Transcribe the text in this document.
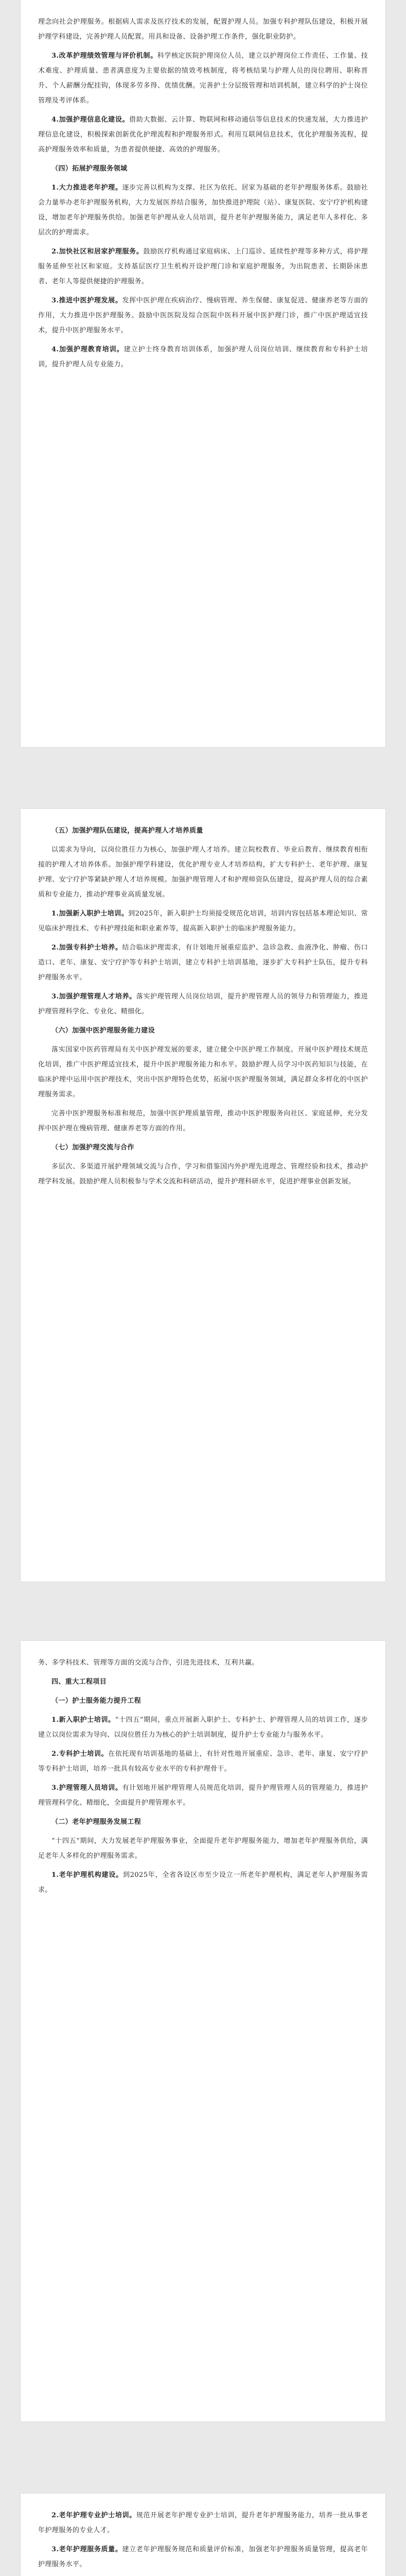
理念向社会护理服务。根据病人需求及医疗技术的发展，配置护理人员。加强专科护理队伍建设，积极开展护理学科建设，完善护理人员配置。用具和设备、设备护理工作条件，强化职业防护。

3.改革护理绩效管理与评价机制。科学核定医院护理岗位人员，建立以护理岗位工作责任、工作量、技术难度、护理质量、患者满意度为主要依据的绩效考核制度，将考核结果与护理人员的岗位聘用、职称晋升、个人薪酬分配挂钩，体现多劳多得、优绩优酬。完善护士分层级管理和培训机制，建立科学的护士岗位管理及考评体系。

4.加强护理信息化建设。借助大数据、云计算、物联网和移动通信等信息技术的快速发展，大力推进护理信息化建设，积极探索创新优化护理流程和护理服务形式。利用互联网信息技术，优化护理服务流程，提高护理服务效率和质量，为患者提供便捷、高效的护理服务。

（四）拓展护理服务领域

1.大力推进老年护理。逐步完善以机构为支撑、社区为依托、居家为基础的老年护理服务体系。鼓励社会力量举办老年护理服务机构，大力发展医养结合服务，加快推进护理院（站）、康复医院、安宁疗护机构建设，增加老年护理服务供给。加强老年护理从业人员培训，提升老年护理服务能力，满足老年人多样化、多层次的护理需求。

2.加快社区和居家护理服务。鼓励医疗机构通过家庭病床、上门巡诊、延续性护理等多种方式，将护理服务延伸至社区和家庭。支持基层医疗卫生机构开设护理门诊和家庭护理服务，为出院患者、长期卧床患者、老年人等提供便捷的护理服务。

3.推进中医护理发展。发挥中医护理在疾病治疗、慢病管理、养生保健、康复促进、健康养老等方面的作用，大力推进中医护理服务。鼓励中医医院及综合医院中医科开展中医护理门诊，推广中医护理适宜技术，提升中医护理服务水平。

4.加强护理教育培训。建立护士终身教育培训体系，加强护理人员岗位培训、继续教育和专科护士培训，提升护理人员专业能力。

（五）加强护理队伍建设，提高护理人才培养质量

以需求为导向，以岗位胜任力为核心，加强护理人才培养。建立院校教育、毕业后教育、继续教育相衔接的护理人才培养体系。加强护理学科建设，优化护理专业人才培养结构，扩大专科护士、老年护理、康复护理、安宁疗护等紧缺护理人才培养规模。加强护理管理人才和护理师资队伍建设，提高护理人员的综合素质和专业能力，推动护理事业高质量发展。

1.加强新入职护士培训。到2025年，新入职护士均须接受规范化培训，培训内容包括基本理论知识、常见临床护理技术、专科护理技能和职业素养等，提高新入职护士的临床护理服务能力。

2.加强专科护士培养。结合临床护理需求，有计划地开展重症监护、急诊急救、血液净化、肿瘤、伤口造口、老年、康复、安宁疗护等专科护士培训，建立专科护士培训基地，逐步扩大专科护士队伍，提升专科护理服务水平。

3.加强护理管理人才培养。落实护理管理人员岗位培训，提升护理管理人员的领导力和管理能力，推进护理管理科学化、专业化、精细化。

（六）加强中医护理服务能力建设

落实国家中医药管理局有关中医护理发展的要求，建立健全中医护理工作制度。开展中医护理技术规范化培训，推广中医护理适宜技术，提升中医护理服务能力和水平。鼓励护理人员学习中医药知识与技能，在临床护理中运用中医护理技术，突出中医护理特色优势，拓展中医护理服务领域，满足群众多样化的中医护理服务需求。

完善中医护理服务标准和规范，加强中医护理质量管理，推动中医护理服务向社区、家庭延伸，充分发挥中医护理在慢病管理、健康养老等方面的作用。

（七）加强护理交流与合作

多层次、多渠道开展护理领域交流与合作，学习和借鉴国内外护理先进理念、管理经验和技术，推动护理学科发展。鼓励护理人员积极参与学术交流和科研活动，提升护理科研水平，促进护理事业创新发展。

务、多学科技术、管理等方面的交流与合作，引进先进技术，互利共赢。

四、重大工程项目

（一）护士服务能力提升工程

1.新入职护士培训。“十四五”期间，重点开展新入职护士、专科护士、护理管理人员的培训工作，逐步建立以岗位需求为导向、以岗位胜任力为核心的护士培训制度，提升护士专业能力与服务水平。

2.专科护士培训。在依托现有培训基地的基础上，有针对性地开展重症、急诊、老年、康复、安宁疗护等专科护士培训，培养一批具有较高专业水平的专科护理骨干。

3.护理管理人员培训。有计划地开展护理管理人员规范化培训，提升护理管理人员的管理能力，推进护理管理科学化、精细化，全面提升护理管理水平。

（二）老年护理服务发展工程

“十四五”期间，大力发展老年护理服务事业，全面提升老年护理服务能力，增加老年护理服务供给，满足老年人多样化的护理服务需求。

1.老年护理机构建设。到2025年，全省各设区市至少设立一所老年护理机构，满足老年人护理服务需求。

2.老年护理专业护士培训。规范开展老年护理专业护士培训，提升老年护理服务能力，培养一批从事老年护理服务的专业人才。

3.老年护理服务质量。建立老年护理服务规范和质量评价标准，加强老年护理服务质量管理，提高老年护理服务水平。
